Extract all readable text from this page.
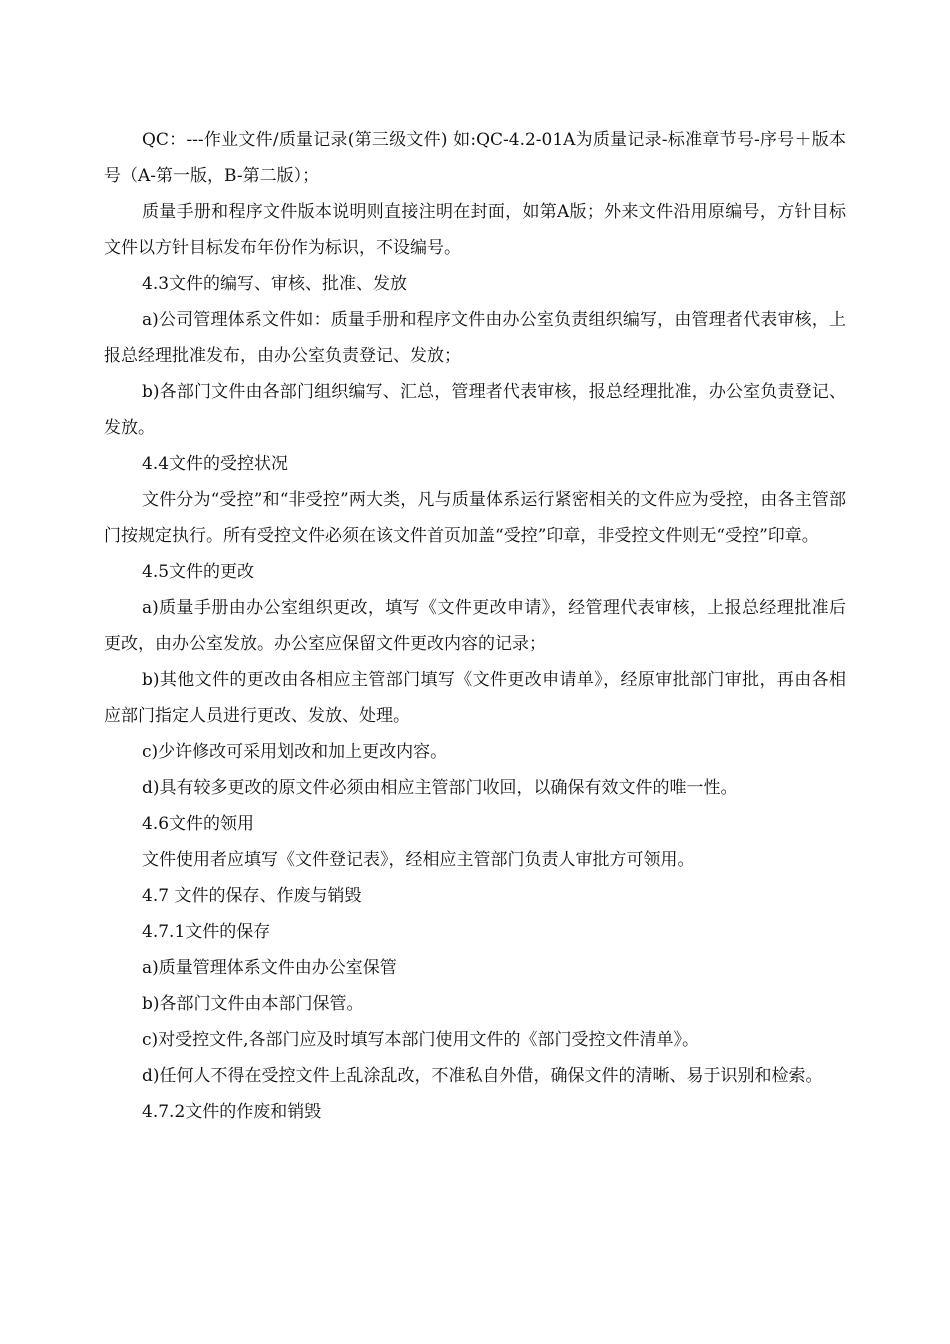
QC：---作业文件/质量记录(第三级文件) 如:QC-4.2-01A为质量记录-标准章节号-序号＋版本号（A-第一版，B-第二版）；

质量手册和程序文件版本说明则直接注明在封面，如第A版；外来文件沿用原编号，方针目标文件以方针目标发布年份作为标识，不设编号。

4.3文件的编写、审核、批准、发放

a)公司管理体系文件如：质量手册和程序文件由办公室负责组织编写，由管理者代表审核，上报总经理批准发布，由办公室负责登记、发放；

b)各部门文件由各部门组织编写、汇总，管理者代表审核，报总经理批准，办公室负责登记、发放。

4.4文件的受控状况

文件分为“受控”和“非受控”两大类，凡与质量体系运行紧密相关的文件应为受控，由各主管部门按规定执行。所有受控文件必须在该文件首页加盖“受控”印章，非受控文件则无“受控”印章。

4.5文件的更改

a)质量手册由办公室组织更改，填写《文件更改申请》，经管理代表审核，上报总经理批准后更改，由办公室发放。办公室应保留文件更改内容的记录；

b)其他文件的更改由各相应主管部门填写《文件更改申请单》，经原审批部门审批，再由各相应部门指定人员进行更改、发放、处理。

c)少许修改可采用划改和加上更改内容。

d)具有较多更改的原文件必须由相应主管部门收回，以确保有效文件的唯一性。

4.6文件的领用

文件使用者应填写《文件登记表》，经相应主管部门负责人审批方可领用。

4.7 文件的保存、作废与销毁

4.7.1文件的保存

a)质量管理体系文件由办公室保管

b)各部门文件由本部门保管。

c)对受控文件,各部门应及时填写本部门使用文件的《部门受控文件清单》。

d)任何人不得在受控文件上乱涂乱改，不准私自外借，确保文件的清晰、易于识别和检索。

4.7.2文件的作废和销毁
